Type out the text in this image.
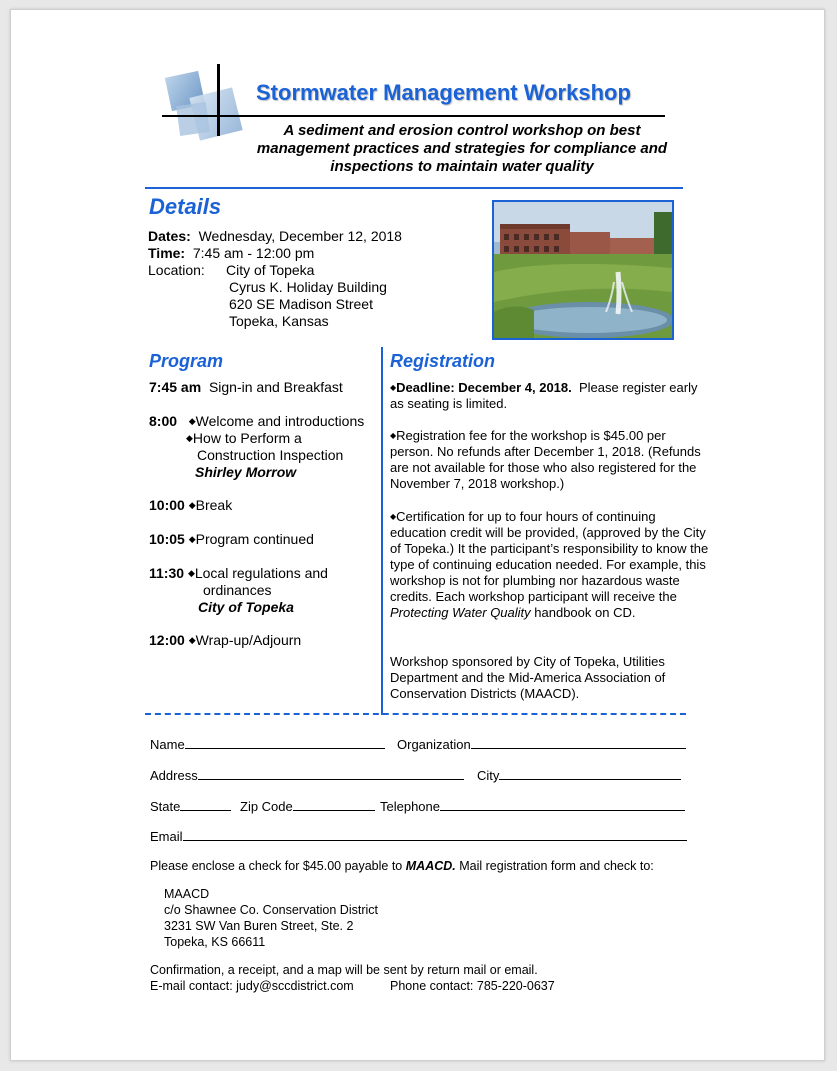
Stormwater Management Workshop
A sediment and erosion control workshop on best management practices and strategies for compliance and inspections to maintain water quality
Details
Dates: Wednesday, December 12, 2018
Time: 7:45 am - 12:00 pm
Location: City of Topeka
Cyrus K. Holiday Building
620 SE Madison Street
Topeka, Kansas
Program
7:45 am Sign-in and Breakfast
8:00 ◆Welcome and introductions
◆How to Perform a
Construction Inspection
Shirley Morrow
10:00 ◆Break
10:05 ◆Program continued
11:30 ◆Local regulations and
ordinances
City of Topeka
12:00 ◆Wrap-up/Adjourn
Registration
◆Deadline: December 4, 2018. Please register early as seating is limited.
◆Registration fee for the workshop is $45.00 per person. No refunds after December 1, 2018. (Refunds are not available for those who also registered for the November 7, 2018 workshop.)
◆Certification for up to four hours of continuing education credit will be provided, (approved by the City of Topeka.) It the participant’s responsibility to know the type of continuing education needed. For example, this workshop is not for plumbing nor hazardous waste credits. Each workshop participant will receive the Protecting Water Quality handbook on CD.
Workshop sponsored by City of Topeka, Utilities Department and the Mid-America Association of Conservation Districts (MAACD).
Name	Organization
Address	City
State	Zip Code	Telephone
Email
Please enclose a check for $45.00 payable to MAACD. Mail registration form and check to:
MAACD
c/o Shawnee Co. Conservation District
3231 SW Van Buren Street, Ste. 2
Topeka, KS 66611
Confirmation, a receipt, and a map will be sent by return mail or email.
E-mail contact: judy@sccdistrict.com	Phone contact: 785-220-0637
